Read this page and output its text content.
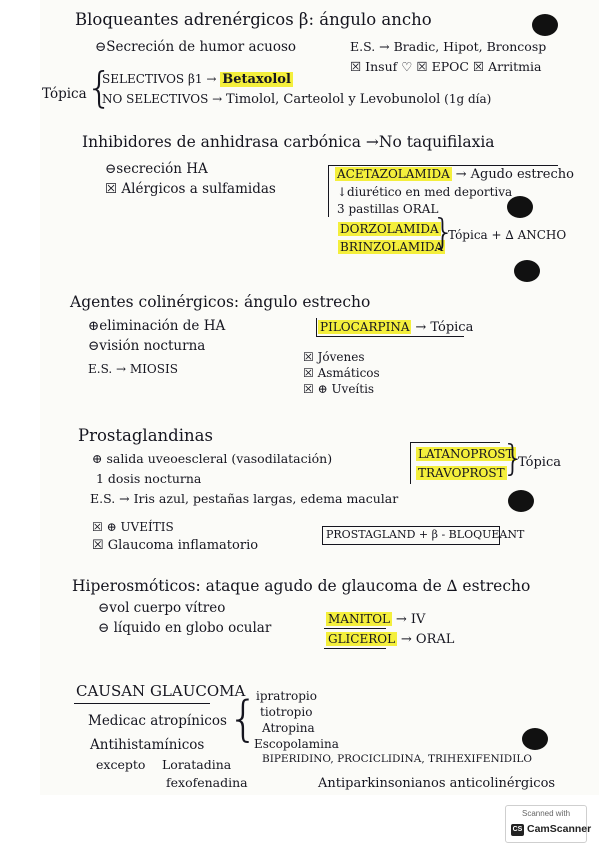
Bloqueantes adrenérgicos β: ángulo ancho
⊖Secreción de humor acuoso	E.S. → Bradic, Hipot, Broncosp
☒ Insuf ♡ ☒ EPOC ☒ Arritmia
Tópica {
SELECTIVOS β1 → Betaxolol
NO SELECTIVOS → Timolol, Carteolol y Levobunolol (1g día)
Inhibidores de anhidrasa carbónica →No taquifilaxia
⊖secreción HA
☒ Alérgicos a sulfamidas
ACETAZOLAMIDA → Agudo estrecho
↓diurético en med deportiva
3 pastillas ORAL
DORZOLAMIDA
BRINZOLAMIDA
}
Tópica + ∆ ANCHO
Agentes colinérgicos: ángulo estrecho
⊕eliminación de HA
⊖visión nocturna
E.S. → MIOSIS
PILOCARPINA → Tópica
☒ Jóvenes
☒ Asmáticos
☒ ⊕ Uveítis
Prostaglandinas
⊕ salida uveoescleral (vasodilatación)
1 dosis nocturna
E.S. → Iris azul, pestañas largas, edema macular
☒ ⊕ UVEÍTIS
☒ Glaucoma inflamatorio
LATANOPROST
TRAVOPROST
}
Tópica
PROSTAGLAND + β - BLOQUEANT
Hiperosmóticos: ataque agudo de glaucoma de ∆ estrecho
⊖vol cuerpo vítreo
⊖ líquido en globo ocular
MANITOL → IV
GLICEROL → ORAL
CAUSAN GLAUCOMA
Medicac atropínicos {
ipratropio
tiotropio
Atropina
Escopolamina
Antihistamínicos
excepto Loratadina
fexofenadina
BIPERIDINO, PROCICLIDINA, TRIHEXIFENIDILO
Antiparkinsonianos anticolinérgicos
Scanned with
CS CamScanner
